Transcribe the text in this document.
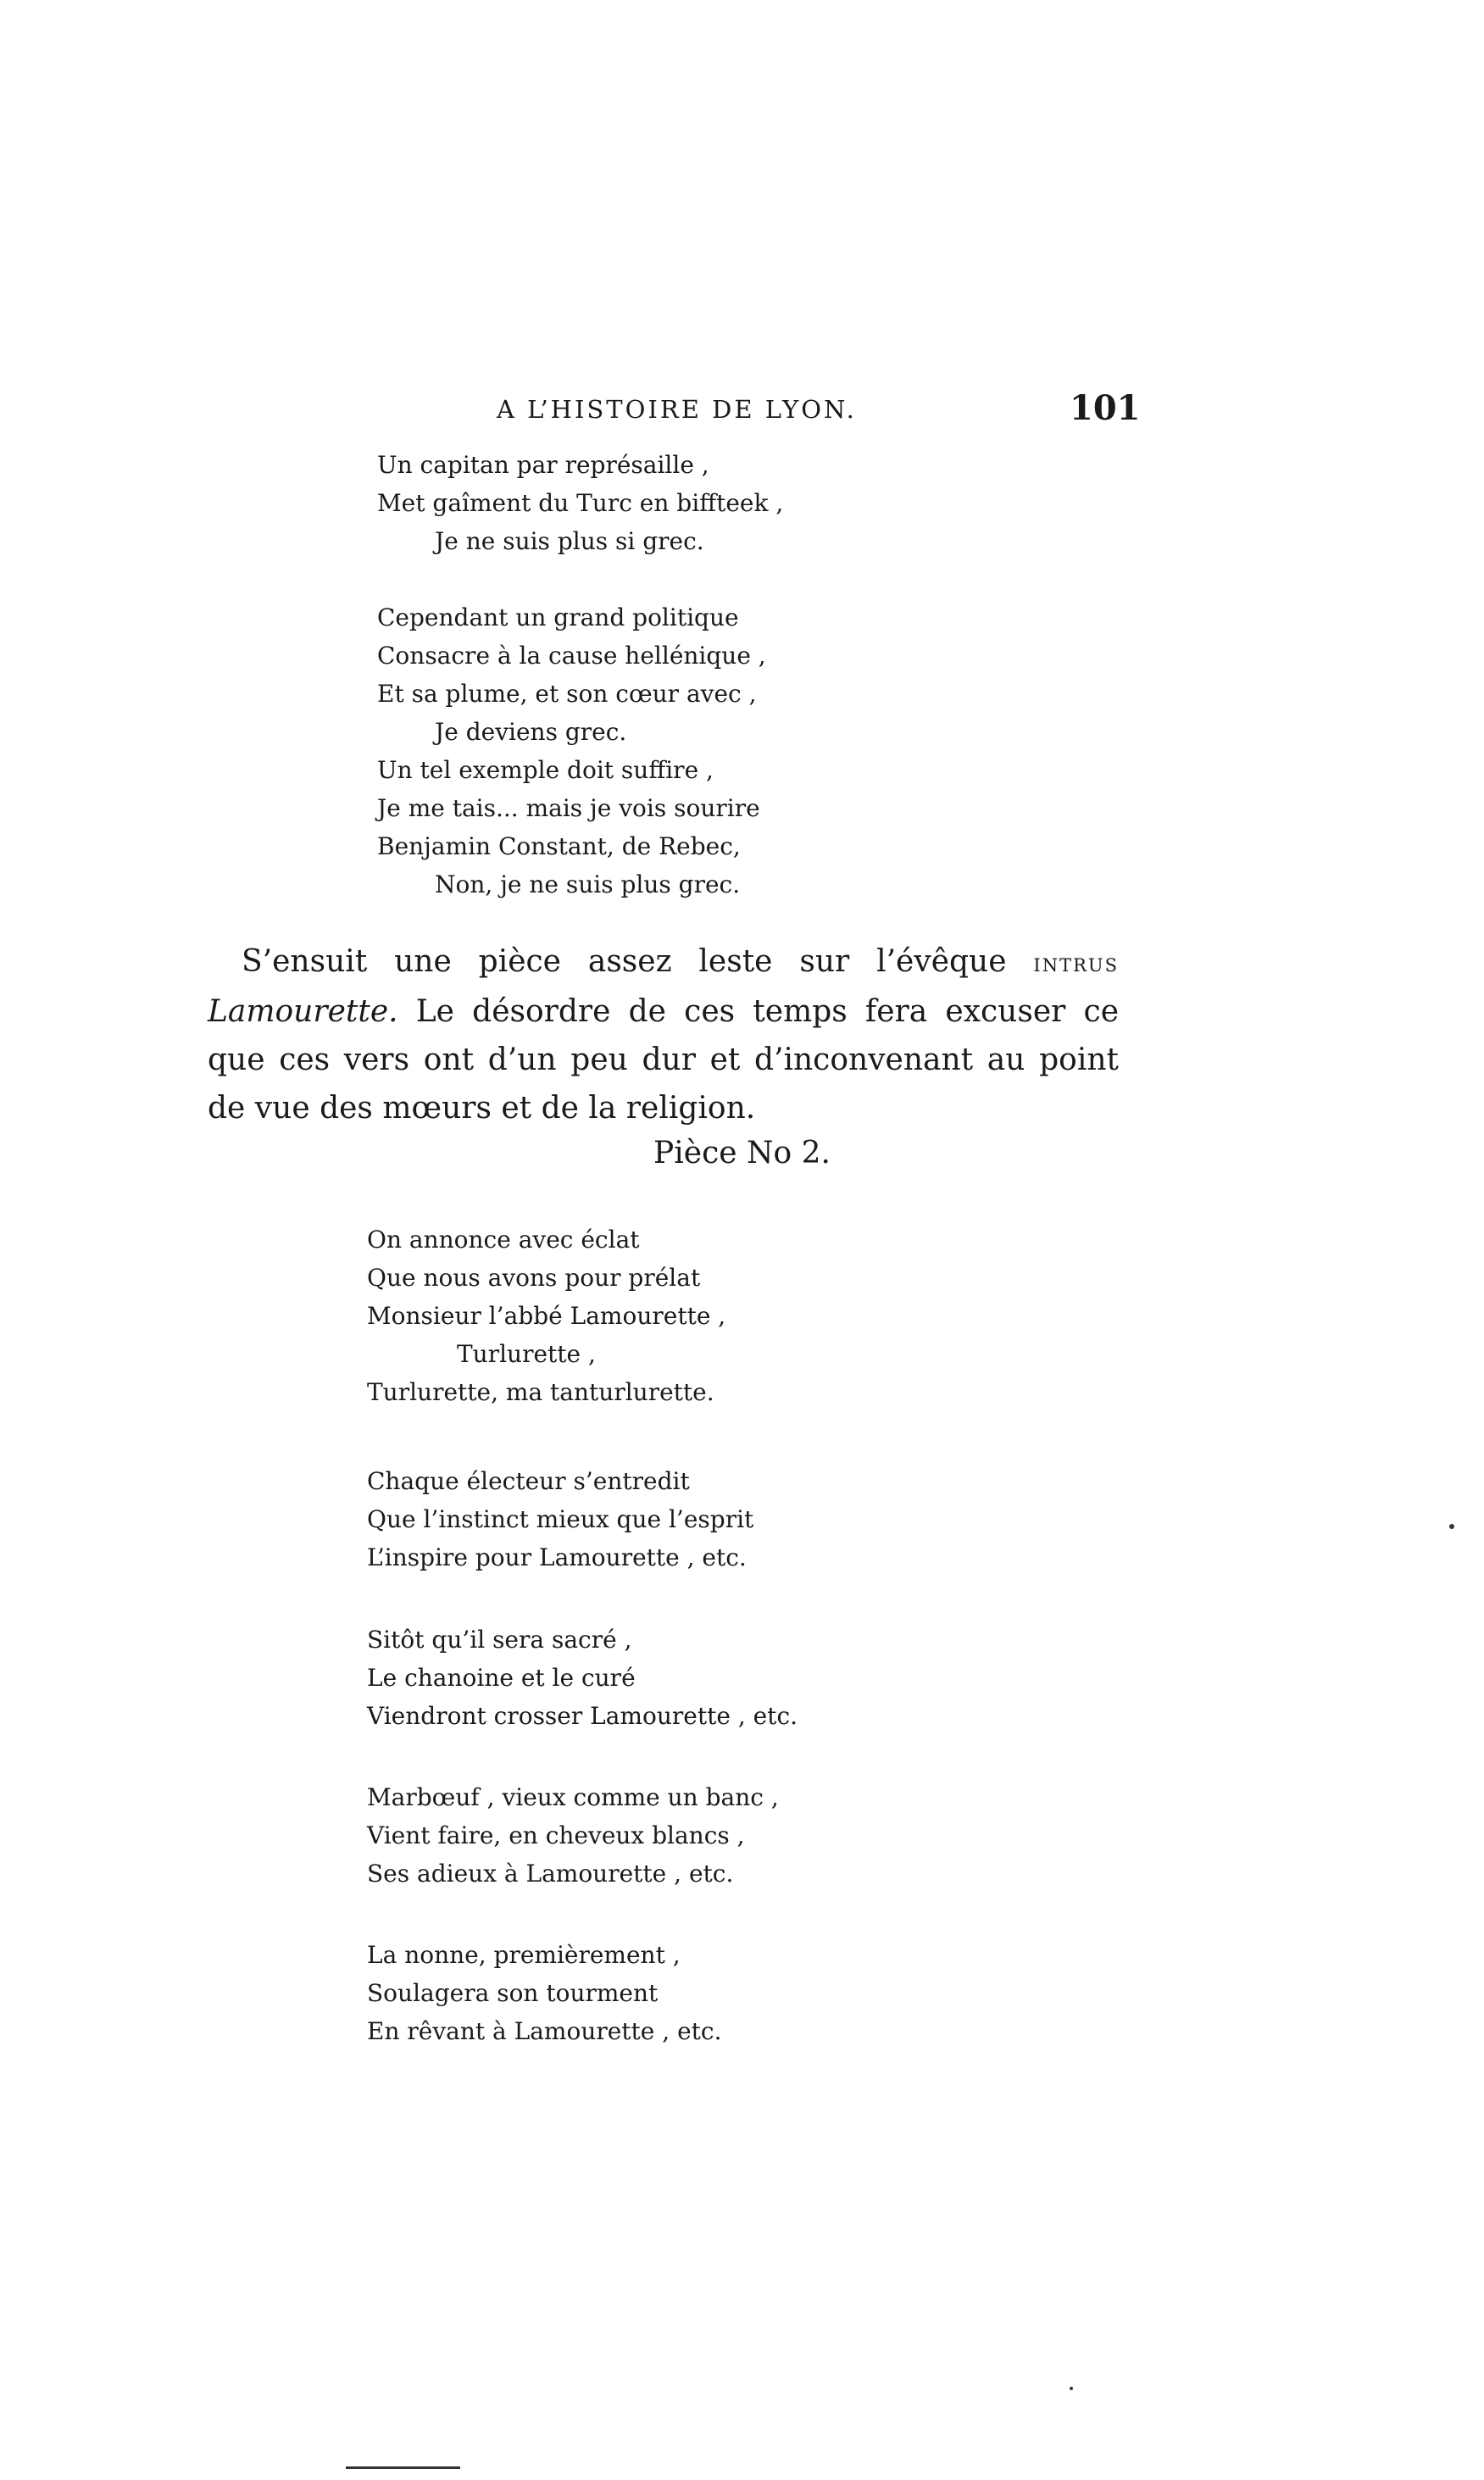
A L’HISTOIRE DE LYON.	101
Un capitan par représaille ,
Met gaîment du Turc en biffteek ,
Je ne suis plus si grec.
Cependant un grand politique
Consacre à la cause hellénique ,
Et sa plume, et son cœur avec ,
Je deviens grec.
Un tel exemple doit suffire ,
Je me tais... mais je vois sourire
Benjamin Constant, de Rebec,
Non, je ne suis plus grec.
S’ensuit une pièce assez leste sur l’évêque intrus Lamourette. Le désordre de ces temps fera excuser ce que ces vers ont d’un peu dur et d’inconvenant au point de vue des mœurs et de la religion.
Pièce No 2.
On annonce avec éclat
Que nous avons pour prélat
Monsieur l’abbé Lamourette ,
Turlurette ,
Turlurette, ma tanturlurette.
Chaque électeur s’entredit
Que l’instinct mieux que l’esprit
L’inspire pour Lamourette , etc.
Sitôt qu’il sera sacré ,
Le chanoine et le curé
Viendront crosser Lamourette , etc.
Marbœuf , vieux comme un banc ,
Vient faire, en cheveux blancs ,
Ses adieux à Lamourette , etc.
La nonne, premièrement ,
Soulagera son tourment
En rêvant à Lamourette , etc.
